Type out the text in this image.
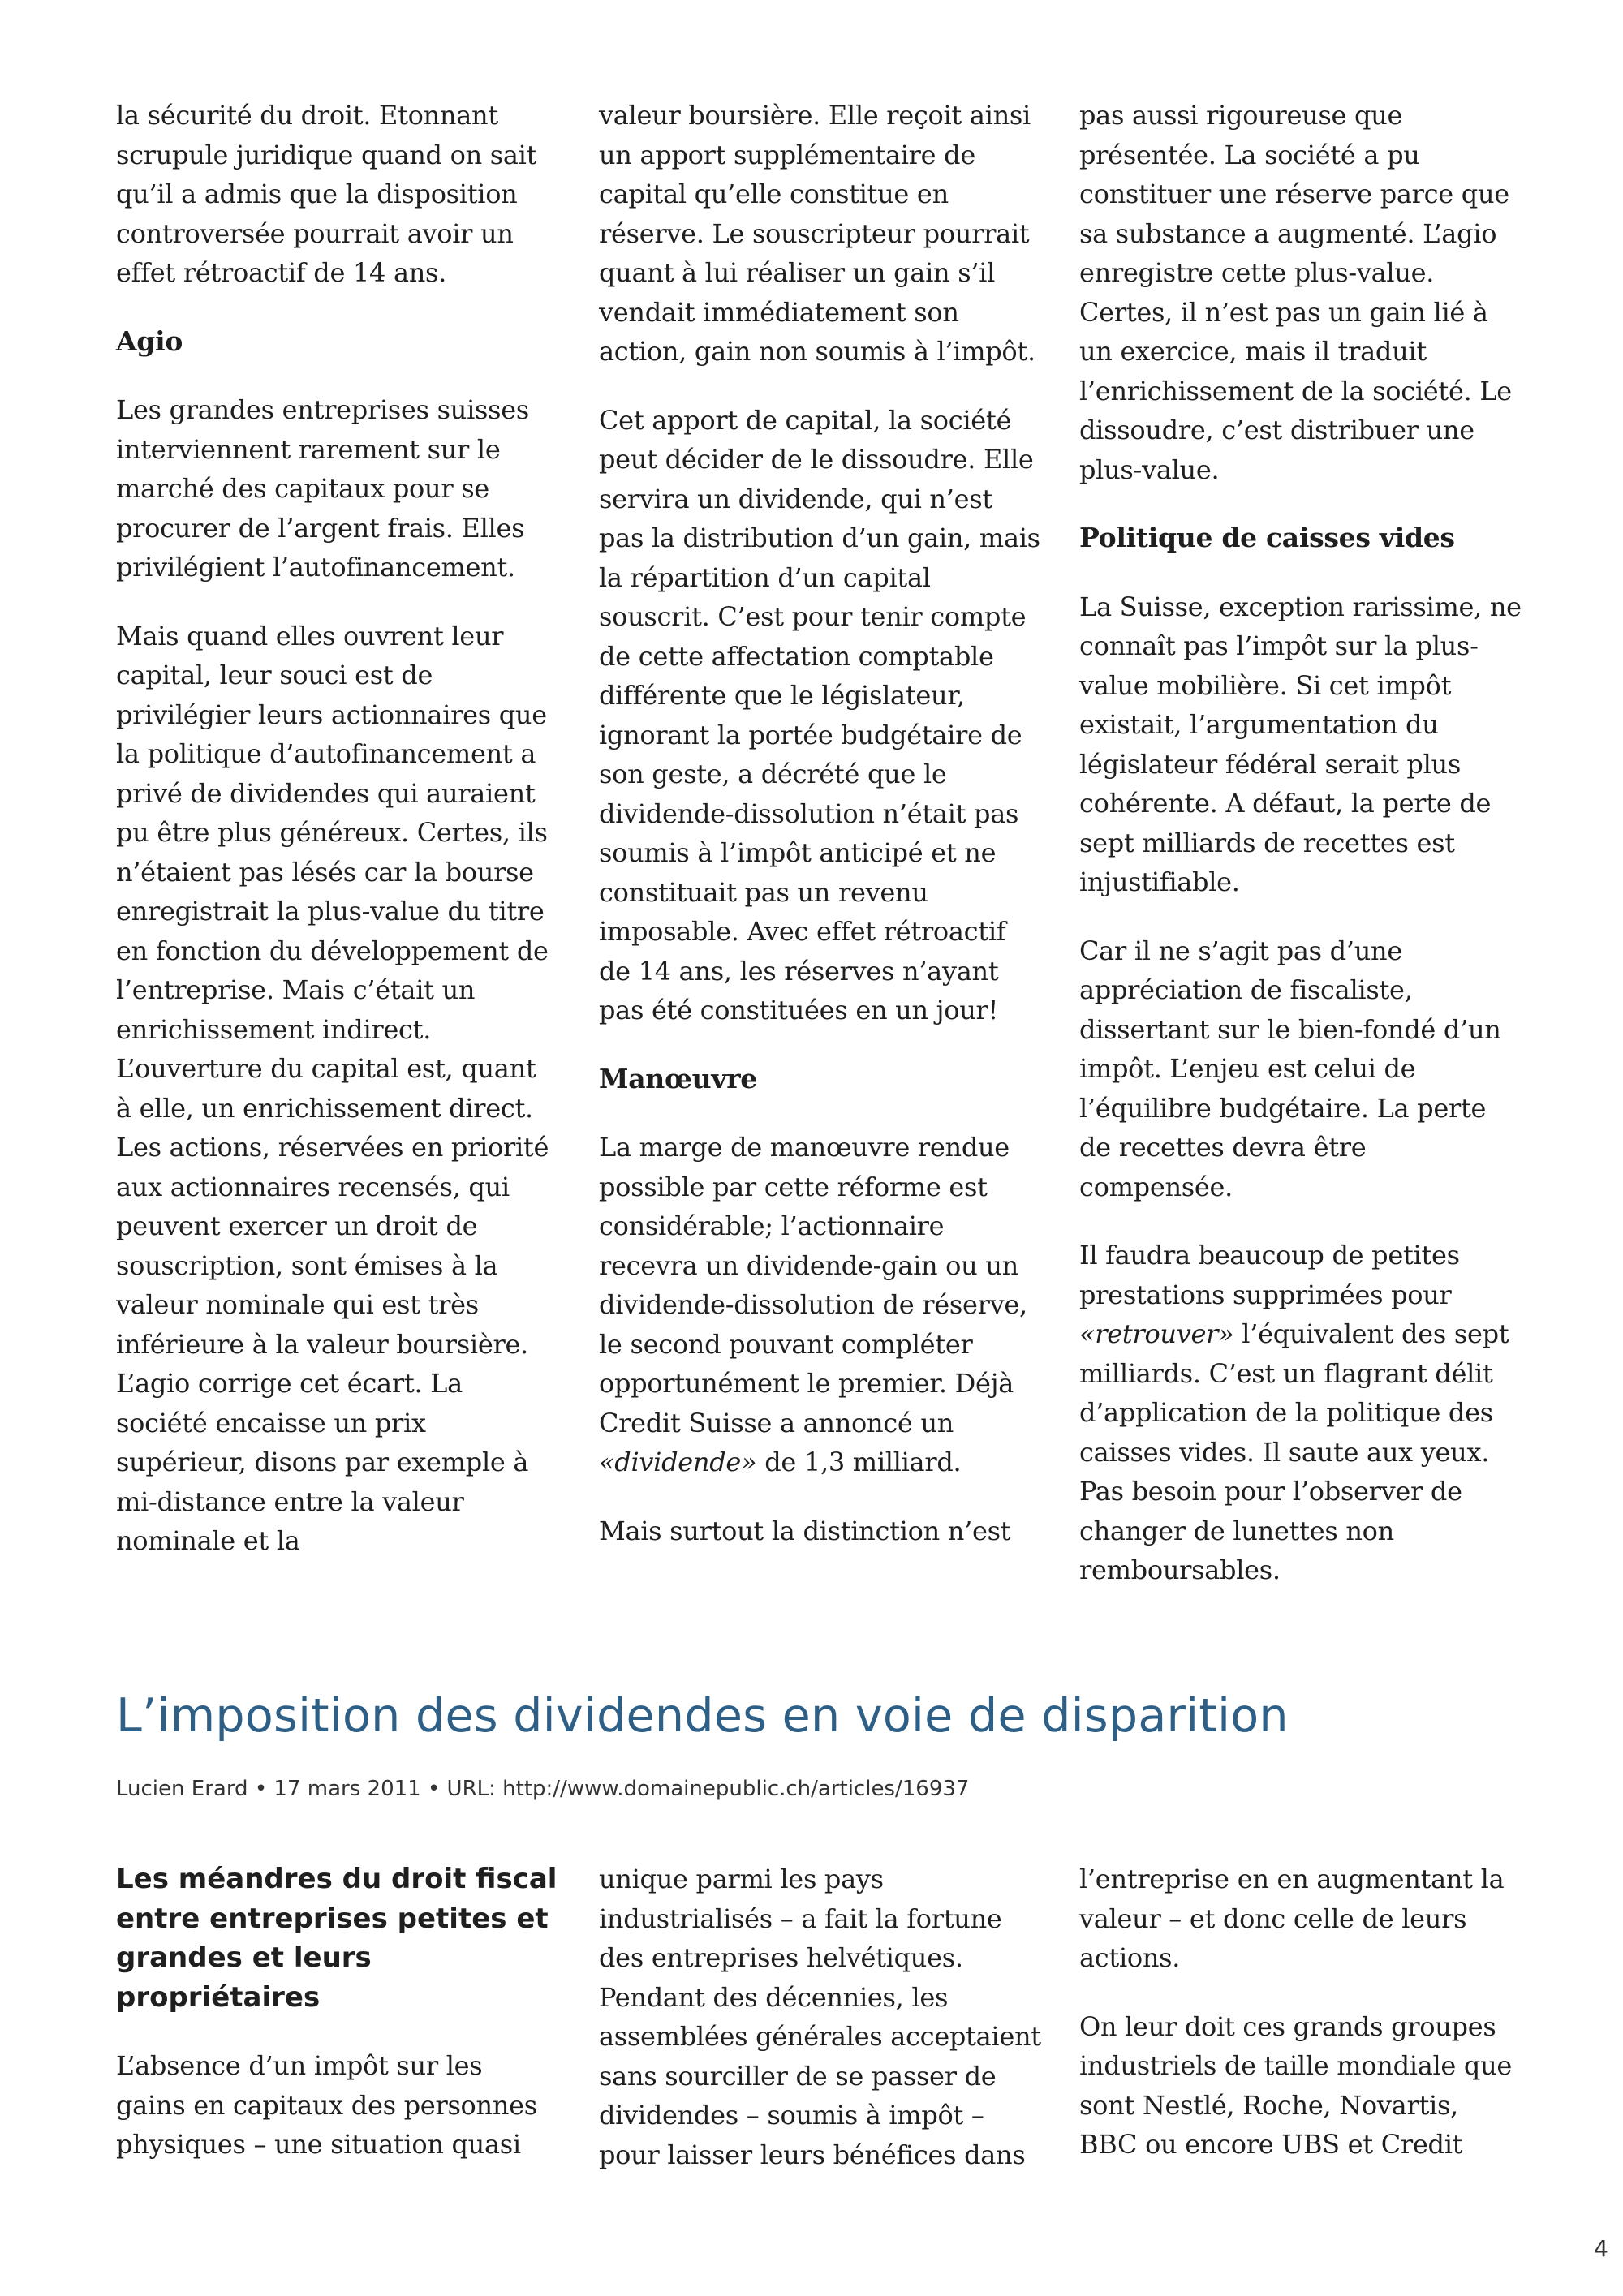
la sécurité du droit. Etonnant scrupule juridique quand on sait qu’il a admis que la disposition controversée pourrait avoir un effet rétroactif de 14 ans.

Agio

Les grandes entreprises suisses interviennent rarement sur le marché des capitaux pour se procurer de l’argent frais. Elles privilégient l’autofinancement.

Mais quand elles ouvrent leur capital, leur souci est de privilégier leurs actionnaires que la politique d’autofinancement a privé de dividendes qui auraient pu être plus généreux. Certes, ils n’étaient pas lésés car la bourse enregistrait la plus-value du titre en fonction du développement de l’entreprise. Mais c’était un enrichissement indirect. L’ouverture du capital est, quant à elle, un enrichissement direct. Les actions, réservées en priorité aux actionnaires recensés, qui peuvent exercer un droit de souscription, sont émises à la valeur nominale qui est très inférieure à la valeur boursière. L’agio corrige cet écart. La société encaisse un prix supérieur, disons par exemple à mi-distance entre la valeur nominale et la

valeur boursière. Elle reçoit ainsi un apport supplémentaire de capital qu’elle constitue en réserve. Le souscripteur pourrait quant à lui réaliser un gain s’il vendait immédiatement son action, gain non soumis à l’impôt.

Cet apport de capital, la société peut décider de le dissoudre. Elle servira un dividende, qui n’est pas la distribution d’un gain, mais la répartition d’un capital souscrit. C’est pour tenir compte de cette affectation comptable différente que le législateur, ignorant la portée budgétaire de son geste, a décrété que le dividende-dissolution n’était pas soumis à l’impôt anticipé et ne constituait pas un revenu imposable. Avec effet rétroactif de 14 ans, les réserves n’ayant pas été constituées en un jour!

Manœuvre

La marge de manœuvre rendue possible par cette réforme est considérable; l’actionnaire recevra un dividende-gain ou un dividende-dissolution de réserve, le second pouvant compléter opportunément le premier. Déjà Credit Suisse a annoncé un «dividende» de 1,3 milliard.

Mais surtout la distinction n’est

pas aussi rigoureuse que présentée. La société a pu constituer une réserve parce que sa substance a augmenté. L’agio enregistre cette plus-value. Certes, il n’est pas un gain lié à un exercice, mais il traduit l’enrichissement de la société. Le dissoudre, c’est distribuer une plus-value.

Politique de caisses vides

La Suisse, exception rarissime, ne connaît pas l’impôt sur la plus-value mobilière. Si cet impôt existait, l’argumentation du législateur fédéral serait plus cohérente. A défaut, la perte de sept milliards de recettes est injustifiable.

Car il ne s’agit pas d’une appréciation de fiscaliste, dissertant sur le bien-fondé d’un impôt. L’enjeu est celui de l’équilibre budgétaire. La perte de recettes devra être compensée.

Il faudra beaucoup de petites prestations supprimées pour «retrouver» l’équivalent des sept milliards. C’est un flagrant délit d’application de la politique des caisses vides. Il saute aux yeux. Pas besoin pour l’observer de changer de lunettes non remboursables.

L’imposition des dividendes en voie de disparition
Lucien Erard • 17 mars 2011 • URL: http://www.domainepublic.ch/articles/16937

Les méandres du droit fiscal entre entreprises petites et grandes et leurs propriétaires

L’absence d’un impôt sur les gains en capitaux des personnes physiques – une situation quasi

unique parmi les pays industrialisés – a fait la fortune des entreprises helvétiques. Pendant des décennies, les assemblées générales acceptaient sans sourciller de se passer de dividendes – soumis à impôt – pour laisser leurs bénéfices dans

l’entreprise en en augmentant la valeur – et donc celle de leurs actions.

On leur doit ces grands groupes industriels de taille mondiale que sont Nestlé, Roche, Novartis, BBC ou encore UBS et Credit

4
